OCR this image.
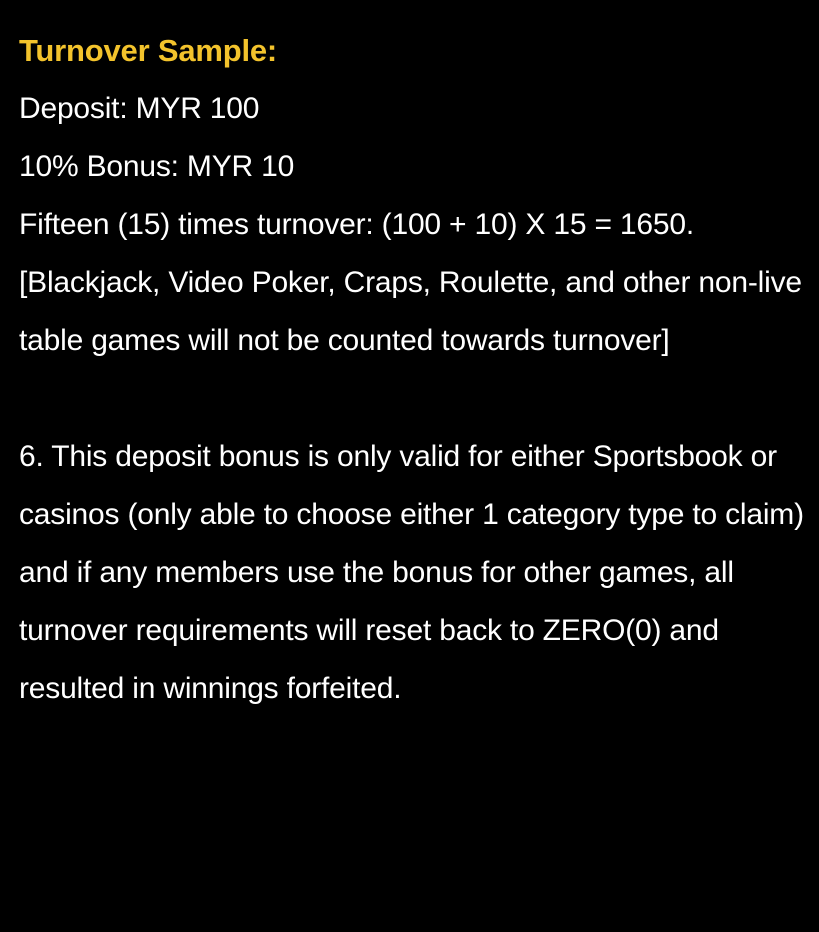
Turnover Sample:
Deposit: MYR 100
10% Bonus: MYR 10
Fifteen (15) times turnover: (100 + 10) X 15 = 1650.
[Blackjack, Video Poker, Craps, Roulette, and other non-live table games will not be counted towards turnover]
6. This deposit bonus is only valid for either Sportsbook or casinos (only able to choose either 1 category type to claim) and if any members use the bonus for other games, all turnover requirements will reset back to ZERO(0) and resulted in winnings forfeited.
